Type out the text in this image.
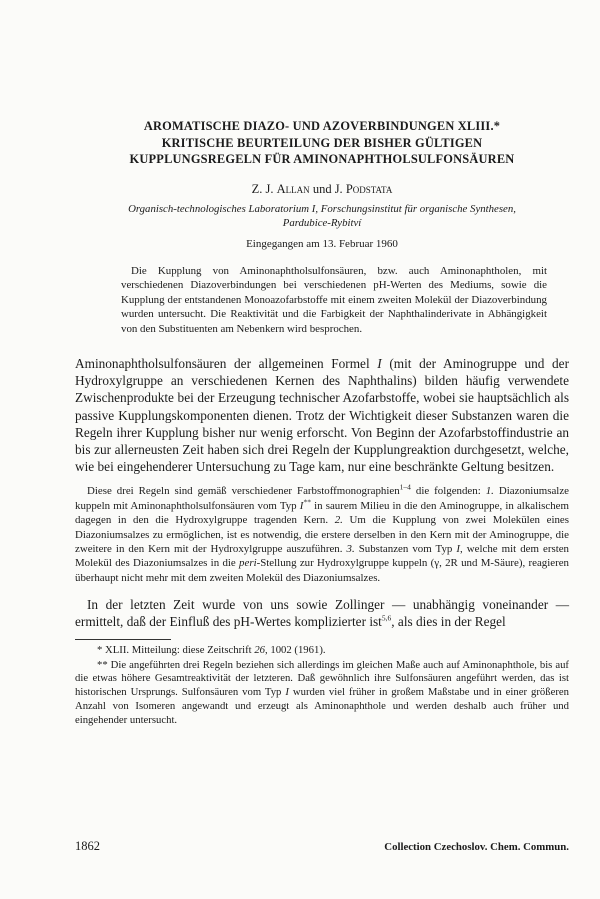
AROMATISCHE DIAZO- UND AZOVERBINDUNGEN XLIII.*

KRITISCHE BEURTEILUNG DER BISHER GÜLTIGEN

KUPPLUNGSREGELN FÜR AMINONAPHTHOLSULFONSÄUREN

Z. J. Allan und J. Podstata
Organisch-technologisches Laboratorium I, Forschungsinstitut für organische Synthesen,
Pardubice-Rybitví
Eingegangen am 13. Februar 1960

Die Kupplung von Aminonaphtholsulfonsäuren, bzw. auch Aminonaphtholen, mit verschiedenen Diazoverbindungen bei verschiedenen pH-Werten des Mediums, sowie die Kupplung der entstandenen Monoazofarbstoffe mit einem zweiten Molekül der Diazoverbindung wurden untersucht. Die Reaktivität und die Farbigkeit der Naphthalinderivate in Abhängigkeit von den Substituenten am Nebenkern wird besprochen.

Aminonaphtholsulfonsäuren der allgemeinen Formel I (mit der Aminogruppe und der Hydroxylgruppe an verschiedenen Kernen des Naphthalins) bilden häufig verwendete Zwischenprodukte bei der Erzeugung technischer Azofarbstoffe, wobei sie hauptsächlich als passive Kupplungskomponenten dienen. Trotz der Wichtigkeit dieser Substanzen waren die Regeln ihrer Kupplung bisher nur wenig erforscht. Von Beginn der Azofarbstoffindustrie an bis zur allerneusten Zeit haben sich drei Regeln der Kupplungreaktion durchgesetzt, welche, wie bei eingehenderer Untersuchung zu Tage kam, nur eine beschränkte Geltung besitzen.

Diese drei Regeln sind gemäß verschiedener Farbstoffmonographien$^{1-4}$ die folgenden: 1. Diazoniumsalze kuppeln mit Aminonaphtholsulfonsäuren vom Typ I** in saurem Milieu in die den Aminogruppe, in alkalischem dagegen in den die Hydroxylgruppe tragenden Kern. 2. Um die Kupplung von zwei Molekülen eines Diazoniumsalzes zu ermöglichen, ist es notwendig, die erstere derselben in den Kern mit der Aminogruppe, die zweitere in den Kern mit der Hydroxylgruppe auszuführen. 3. Substanzen vom Typ I, welche mit dem ersten Molekül des Diazoniumsalzes in die peri-Stellung zur Hydroxylgruppe kuppeln (γ, 2R und M-Säure), reagieren überhaupt nicht mehr mit dem zweiten Molekül des Diazoniumsalzes.

In der letzten Zeit wurde von uns sowie Zollinger — unabhängig voneinander — ermittelt, daß der Einfluß des pH-Wertes komplizierter ist$^{5,6}$, als dies in der Regel

* XLII. Mitteilung: diese Zeitschrift 26, 1002 (1961).

** Die angeführten drei Regeln beziehen sich allerdings im gleichen Maße auch auf Aminonaphthole, bis auf die etwas höhere Gesamtreaktivität der letzteren. Daß gewöhnlich ihre Sulfonsäuren angeführt werden, das ist historischen Ursprungs. Sulfonsäuren vom Typ I wurden viel früher in großem Maßstabe und in einer größeren Anzahl von Isomeren angewandt und erzeugt als Aminonaphthole und werden deshalb auch früher und eingehender untersucht.

1862	Collection Czechoslov. Chem. Commun.
